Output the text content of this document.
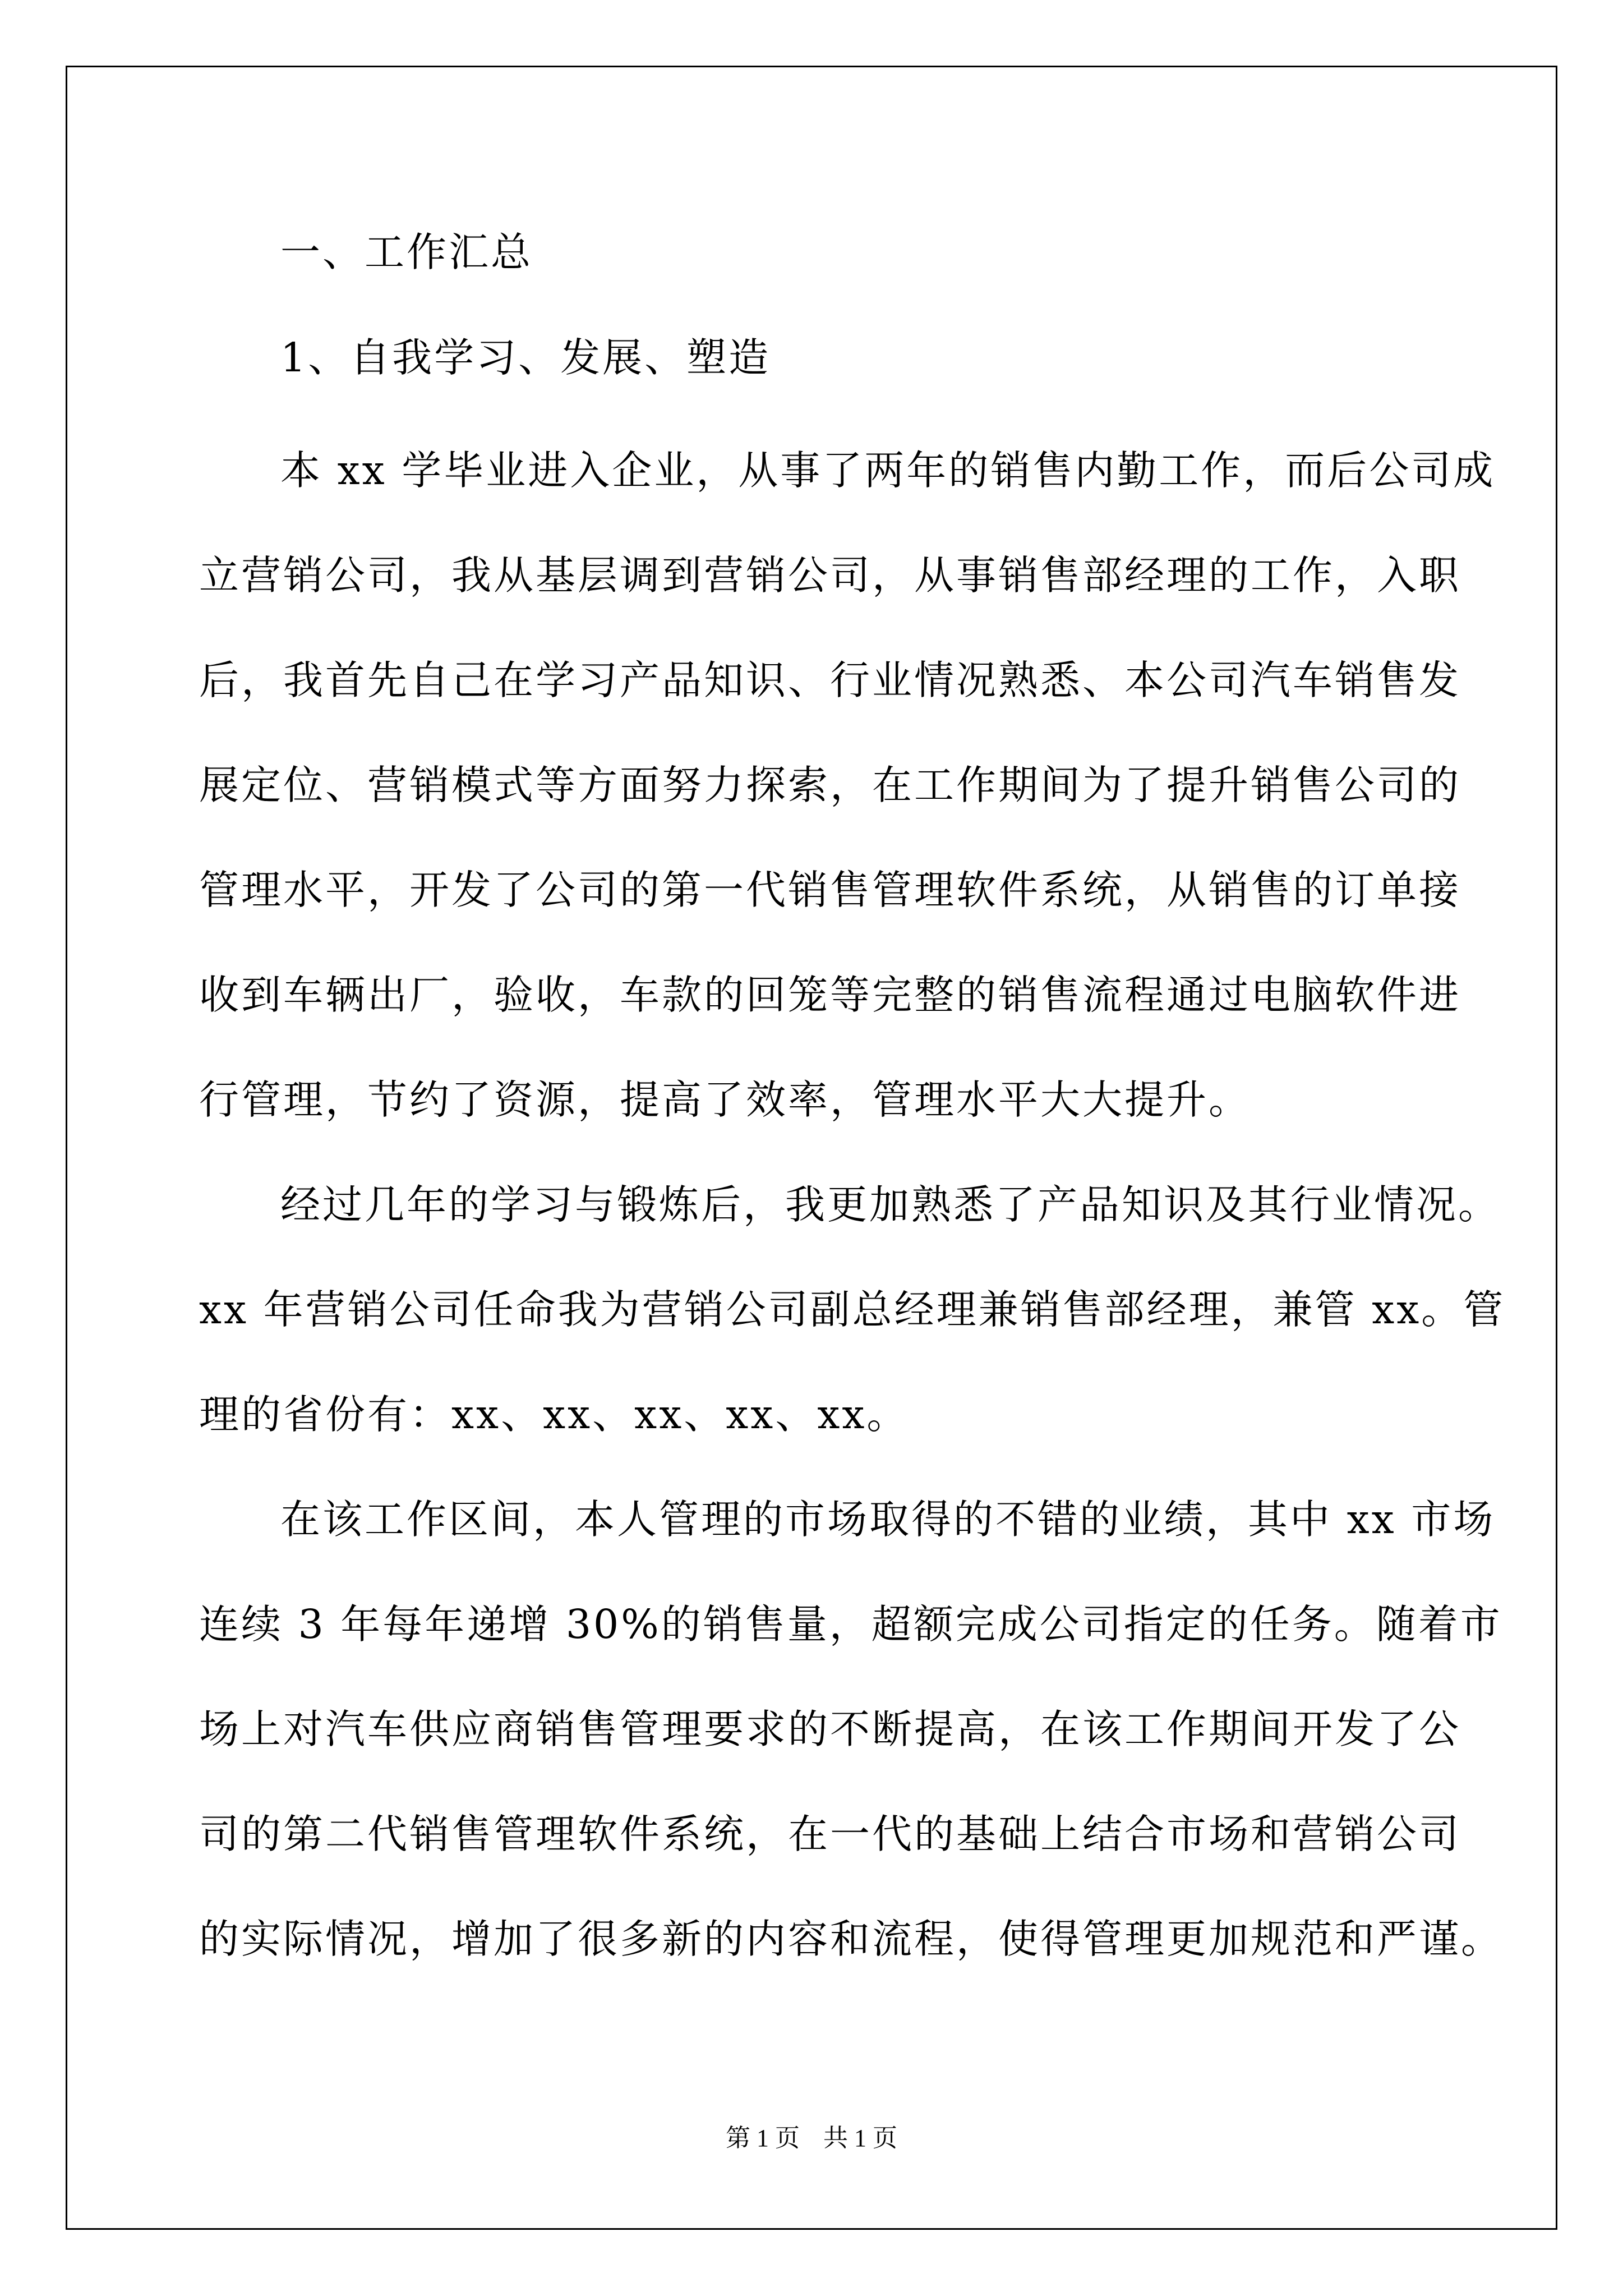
一、工作汇总
1、自我学习、发展、塑造
本 xx 学毕业进入企业，从事了两年的销售内勤工作，而后公司成
立营销公司，我从基层调到营销公司，从事销售部经理的工作，入职
后，我首先自己在学习产品知识、行业情况熟悉、本公司汽车销售发
展定位、营销模式等方面努力探索，在工作期间为了提升销售公司的
管理水平，开发了公司的第一代销售管理软件系统，从销售的订单接
收到车辆出厂，验收，车款的回笼等完整的销售流程通过电脑软件进
行管理，节约了资源，提高了效率，管理水平大大提升。
经过几年的学习与锻炼后，我更加熟悉了产品知识及其行业情况。
xx 年营销公司任命我为营销公司副总经理兼销售部经理，兼管 xx。管
理的省份有：xx、xx、xx、xx、xx。
在该工作区间，本人管理的市场取得的不错的业绩，其中 xx 市场
连续 3 年每年递增 30%的销售量，超额完成公司指定的任务。随着市
场上对汽车供应商销售管理要求的不断提高，在该工作期间开发了公
司的第二代销售管理软件系统，在一代的基础上结合市场和营销公司
的实际情况，增加了很多新的内容和流程，使得管理更加规范和严谨。
第 1 页 共 1 页
